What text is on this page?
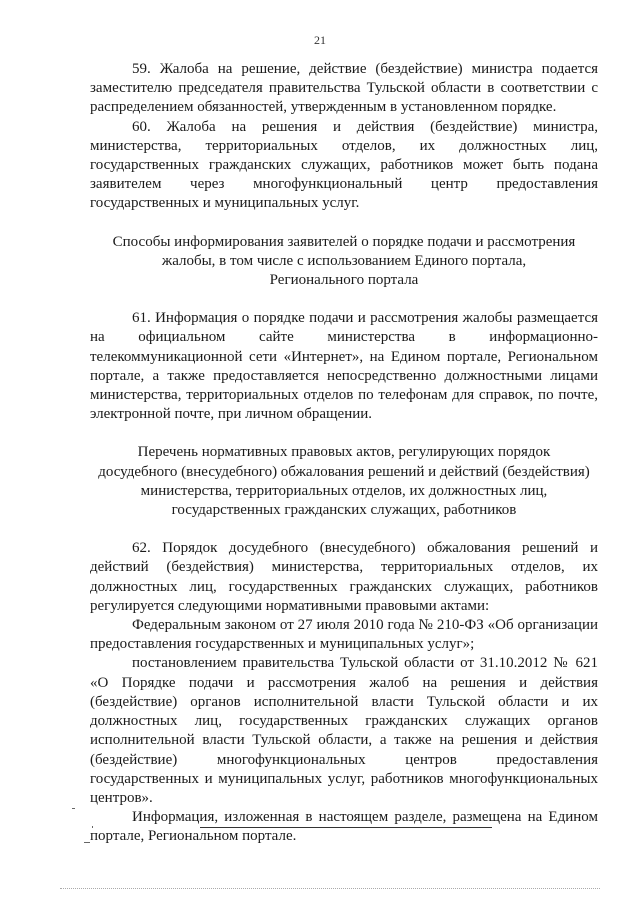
21

59. Жалоба на решение, действие (бездействие) министра подается заместителю председателя правительства Тульской области в соответствии с распределением обязанностей, утвержденным в установленном порядке.

60. Жалоба на решения и действия (бездействие) министра, министерства, территориальных отделов, их должностных лиц, государственных гражданских служащих, работников может быть подана заявителем через многофункциональный центр предоставления государственных и муниципальных услуг.

Способы информирования заявителей о порядке подачи и рассмотрения

жалобы, в том числе с использованием Единого портала,

Регионального портала

61. Информация о порядке подачи и рассмотрения жалобы размещается на официальном сайте министерства в информационно-телекоммуникационной сети «Интернет», на Едином портале, Региональном портале, а также предоставляется непосредственно должностными лицами министерства, территориальных отделов по телефонам для справок, по почте, электронной почте, при личном обращении.

Перечень нормативных правовых актов, регулирующих порядок

досудебного (внесудебного) обжалования решений и действий (бездействия)

министерства, территориальных отделов, их должностных лиц,

государственных гражданских служащих, работников

62. Порядок досудебного (внесудебного) обжалования решений и действий (бездействия) министерства, территориальных отделов, их должностных лиц, государственных гражданских служащих, работников регулируется следующими нормативными правовыми актами:

Федеральным законом от 27 июля 2010 года № 210-ФЗ «Об организации предоставления государственных и муниципальных услуг»;

постановлением правительства Тульской области от 31.10.2012 № 621 «О Порядке подачи и рассмотрения жалоб на решения и действия (бездействие) органов исполнительной власти Тульской области и их должностных лиц, государственных гражданских служащих органов исполнительной власти Тульской области, а также на решения и действия (бездействие) многофункциональных центров предоставления государственных и муниципальных услуг, работников многофункциональных центров».

Информация, изложенная в настоящем разделе, размещена на Едином портале, Региональном портале.
